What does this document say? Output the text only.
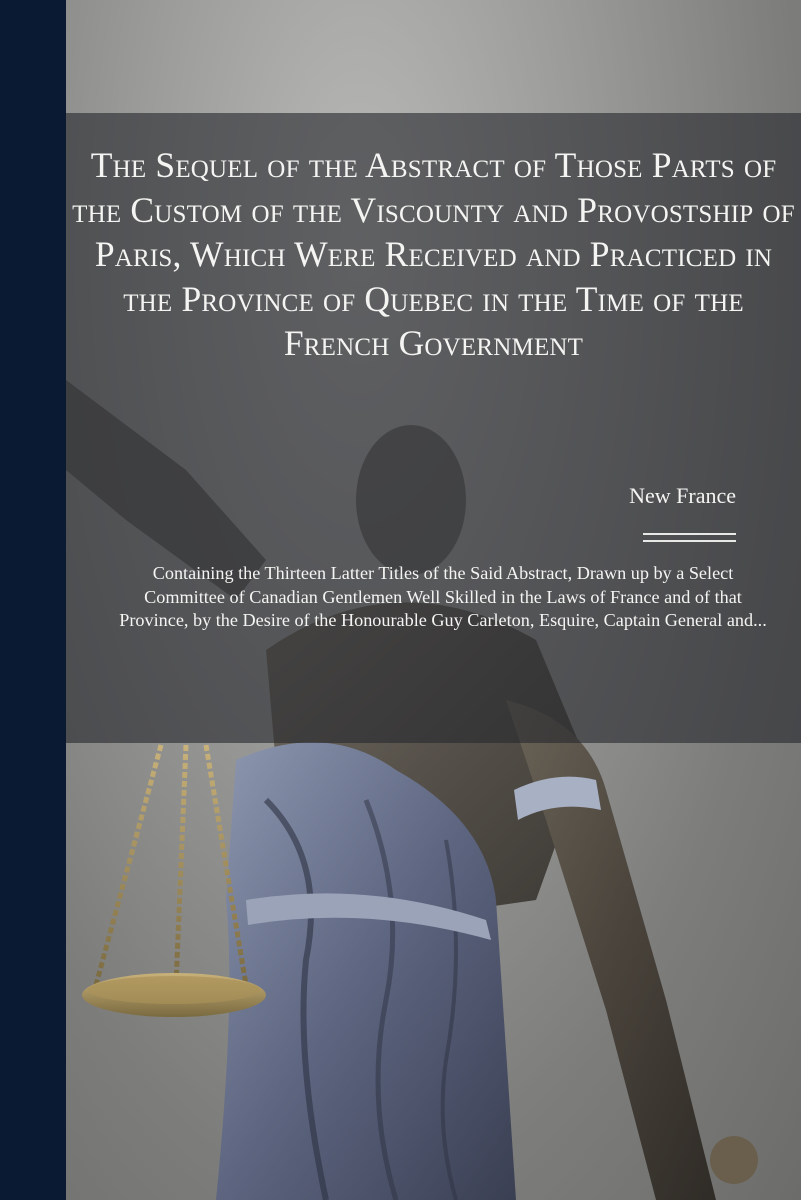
The Sequel of the Abstract of Those Parts of the Custom of the Viscounty and Provostship of Paris, Which Were Received and Practiced in the Province of Quebec in the Time of the French Government
New France
Containing the Thirteen Latter Titles of the Said Abstract, Drawn up by a Select Committee of Canadian Gentlemen Well Skilled in the Laws of France and of that Province, by the Desire of the Honourable Guy Carleton, Esquire, Captain General and...
